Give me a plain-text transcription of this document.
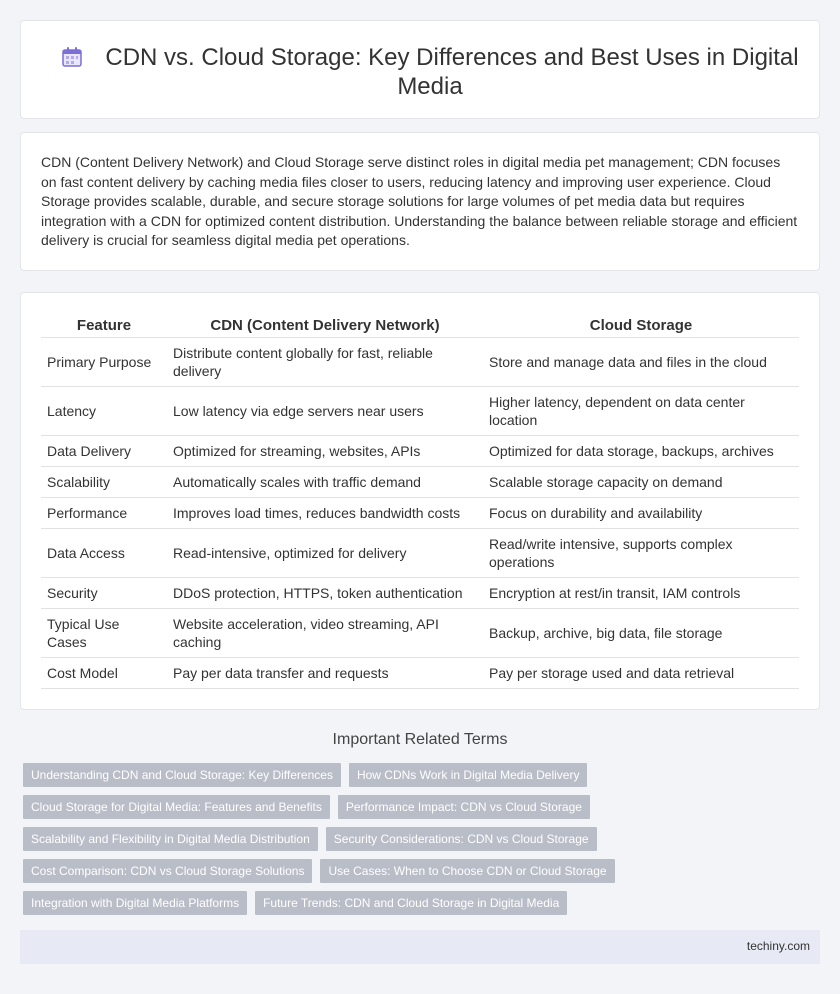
CDN vs. Cloud Storage: Key Differences and Best Uses in Digital Media

CDN (Content Delivery Network) and Cloud Storage serve distinct roles in digital media pet management; CDN focuses on fast content delivery by caching media files closer to users, reducing latency and improving user experience. Cloud Storage provides scalable, durable, and secure storage solutions for large volumes of pet media data but requires integration with a CDN for optimized content distribution. Understanding the balance between reliable storage and efficient delivery is crucial for seamless digital media pet operations.

Feature	CDN (Content Delivery Network)	Cloud Storage
Primary Purpose	Distribute content globally for fast, reliable delivery	Store and manage data and files in the cloud
Latency	Low latency via edge servers near users	Higher latency, dependent on data center location
Data Delivery	Optimized for streaming, websites, APIs	Optimized for data storage, backups, archives
Scalability	Automatically scales with traffic demand	Scalable storage capacity on demand
Performance	Improves load times, reduces bandwidth costs	Focus on durability and availability
Data Access	Read-intensive, optimized for delivery	Read/write intensive, supports complex operations
Security	DDoS protection, HTTPS, token authentication	Encryption at rest/in transit, IAM controls
Typical Use Cases	Website acceleration, video streaming, API caching	Backup, archive, big data, file storage
Cost Model	Pay per data transfer and requests	Pay per storage used and data retrieval
Important Related Terms
Understanding CDN and Cloud Storage: Key Differences	How CDNs Work in Digital Media Delivery
Cloud Storage for Digital Media: Features and Benefits	Performance Impact: CDN vs Cloud Storage
Scalability and Flexibility in Digital Media Distribution	Security Considerations: CDN vs Cloud Storage
Cost Comparison: CDN vs Cloud Storage Solutions	Use Cases: When to Choose CDN or Cloud Storage
Integration with Digital Media Platforms	Future Trends: CDN and Cloud Storage in Digital Media
techiny.com
